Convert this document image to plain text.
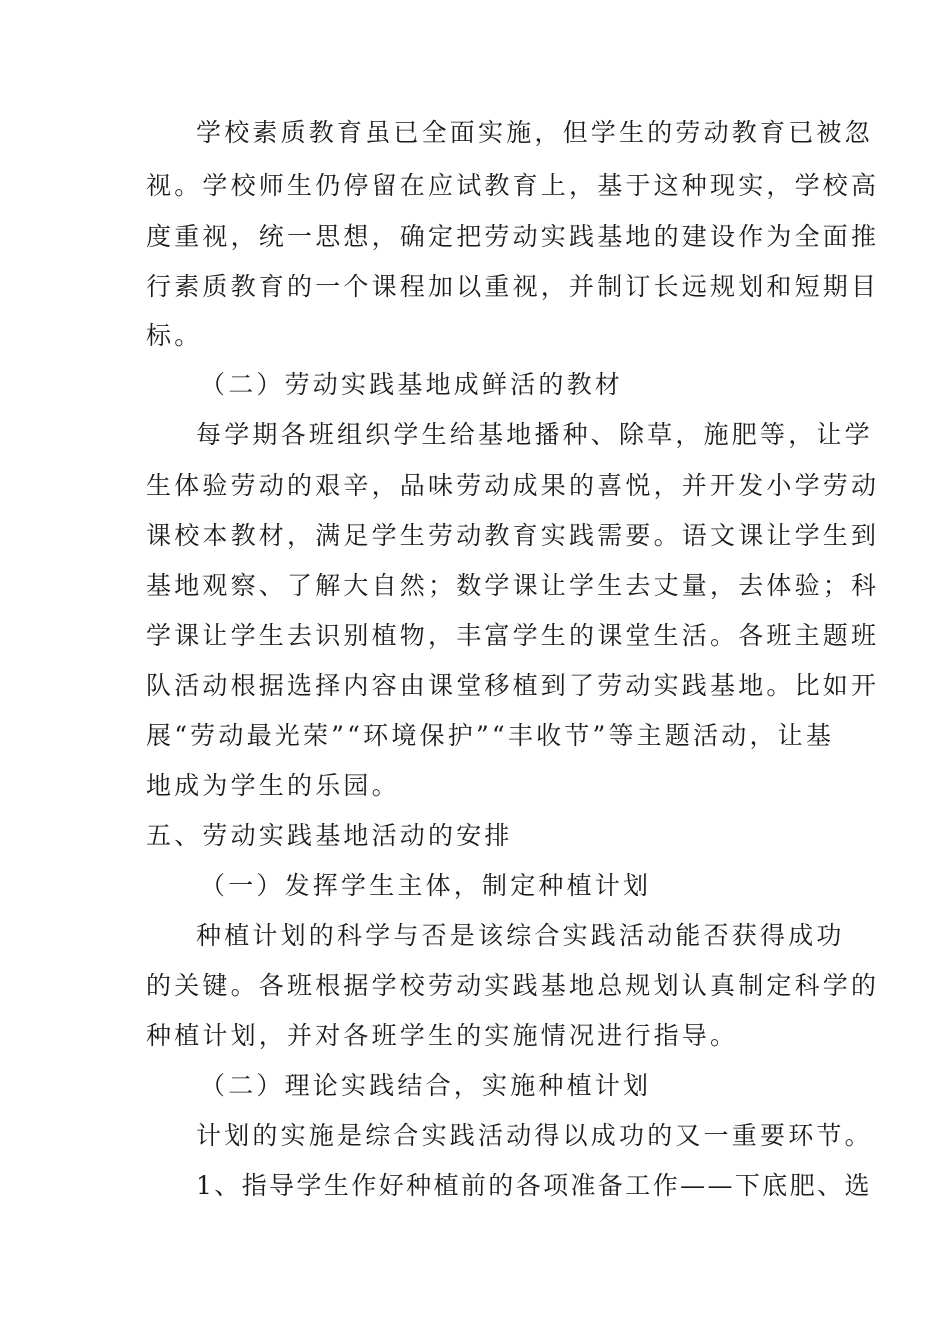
学校素质教育虽已全面实施，但学生的劳动教育已被忽

视。学校师生仍停留在应试教育上，基于这种现实，学校高

度重视，统一思想，确定把劳动实践基地的建设作为全面推

行素质教育的一个课程加以重视，并制订长远规划和短期目

标。

（二）劳动实践基地成鲜活的教材

每学期各班组织学生给基地播种、除草，施肥等，让学

生体验劳动的艰辛，品味劳动成果的喜悦，并开发小学劳动

课校本教材，满足学生劳动教育实践需要。语文课让学生到

基地观察、了解大自然；数学课让学生去丈量，去体验；科

学课让学生去识别植物，丰富学生的课堂生活。各班主题班

队活动根据选择内容由课堂移植到了劳动实践基地。比如开

展“劳动最光荣”“环境保护”“丰收节”等主题活动，让基

地成为学生的乐园。

五、劳动实践基地活动的安排

（一）发挥学生主体，制定种植计划

种植计划的科学与否是该综合实践活动能否获得成功

的关键。各班根据学校劳动实践基地总规划认真制定科学的

种植计划，并对各班学生的实施情况进行指导。

（二）理论实践结合，实施种植计划

计划的实施是综合实践活动得以成功的又一重要环节。

1、指导学生作好种植前的各项准备工作——下底肥、选
